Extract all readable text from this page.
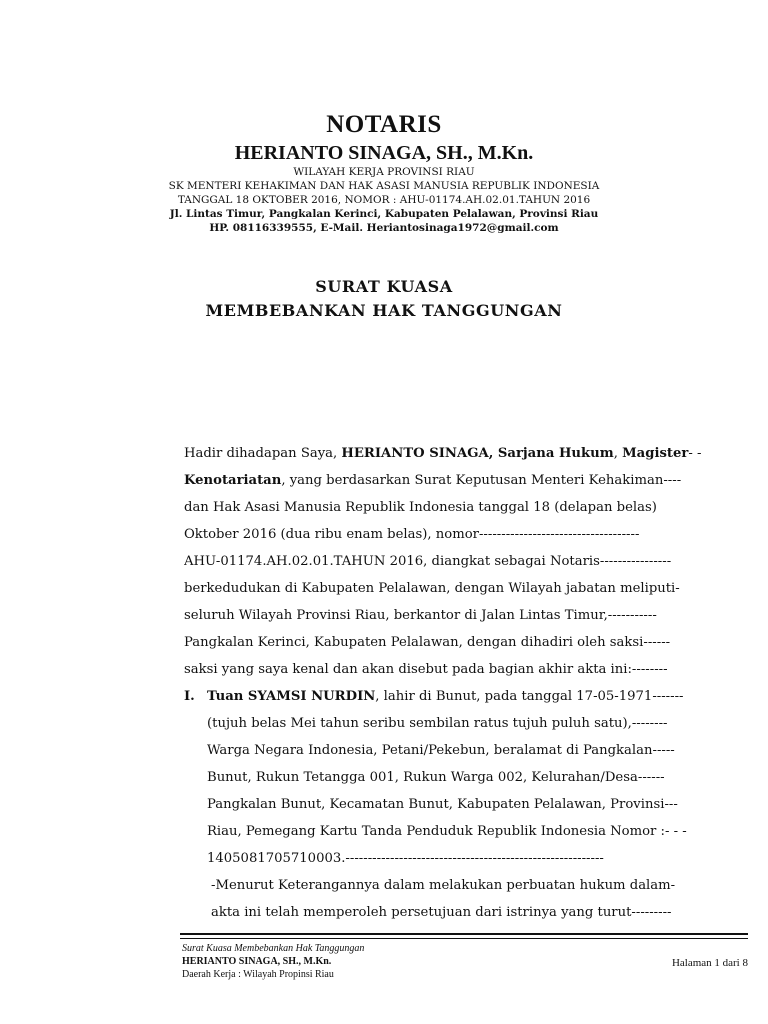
NOTARIS
HERIANTO SINAGA, SH., M.Kn.
WILAYAH KERJA PROVINSI RIAU
SK MENTERI KEHAKIMAN DAN HAK ASASI MANUSIA REPUBLIK INDONESIA
TANGGAL 18 OKTOBER 2016, NOMOR : AHU-01174.AH.02.01.TAHUN 2016
Jl. Lintas Timur, Pangkalan Kerinci, Kabupaten Pelalawan, Provinsi Riau
HP. 08116339555, E-Mail. Heriantosinaga1972@gmail.com
SURAT KUASA
MEMBEBANKAN HAK TANGGUNGAN
Hadir dihadapan Saya, HERIANTO SINAGA, Sarjana Hukum, Magister- -
Kenotariatan, yang berdasarkan Surat Keputusan Menteri Kehakiman----
dan Hak Asasi Manusia Republik Indonesia tanggal 18 (delapan belas)
Oktober 2016 (dua ribu enam belas), nomor------------------------------------
AHU-01174.AH.02.01.TAHUN 2016, diangkat sebagai Notaris----------------
berkedudukan di Kabupaten Pelalawan, dengan Wilayah jabatan meliputi-
seluruh Wilayah Provinsi Riau, berkantor di Jalan Lintas Timur,-----------
Pangkalan Kerinci, Kabupaten Pelalawan, dengan dihadiri oleh saksi------
saksi yang saya kenal dan akan disebut pada bagian akhir akta ini:--------
I. Tuan SYAMSI NURDIN, lahir di Bunut, pada tanggal 17-05-1971-------
(tujuh belas Mei tahun seribu sembilan ratus tujuh puluh satu),--------
Warga Negara Indonesia, Petani/Pekebun, beralamat di Pangkalan-----
Bunut, Rukun Tetangga 001, Rukun Warga 002, Kelurahan/Desa------
Pangkalan Bunut, Kecamatan Bunut, Kabupaten Pelalawan, Provinsi---
Riau, Pemegang Kartu Tanda Penduduk Republik Indonesia Nomor :- - -
1405081705710003.----------------------------------------------------------
-Menurut Keterangannya dalam melakukan perbuatan hukum dalam-
akta ini telah memperoleh persetujuan dari istrinya yang turut---------
Surat Kuasa Membebankan Hak Tanggungan
HERIANTO SINAGA, SH., M.Kn.
Daerah Kerja : Wilayah Propinsi Riau
Halaman 1 dari 8
